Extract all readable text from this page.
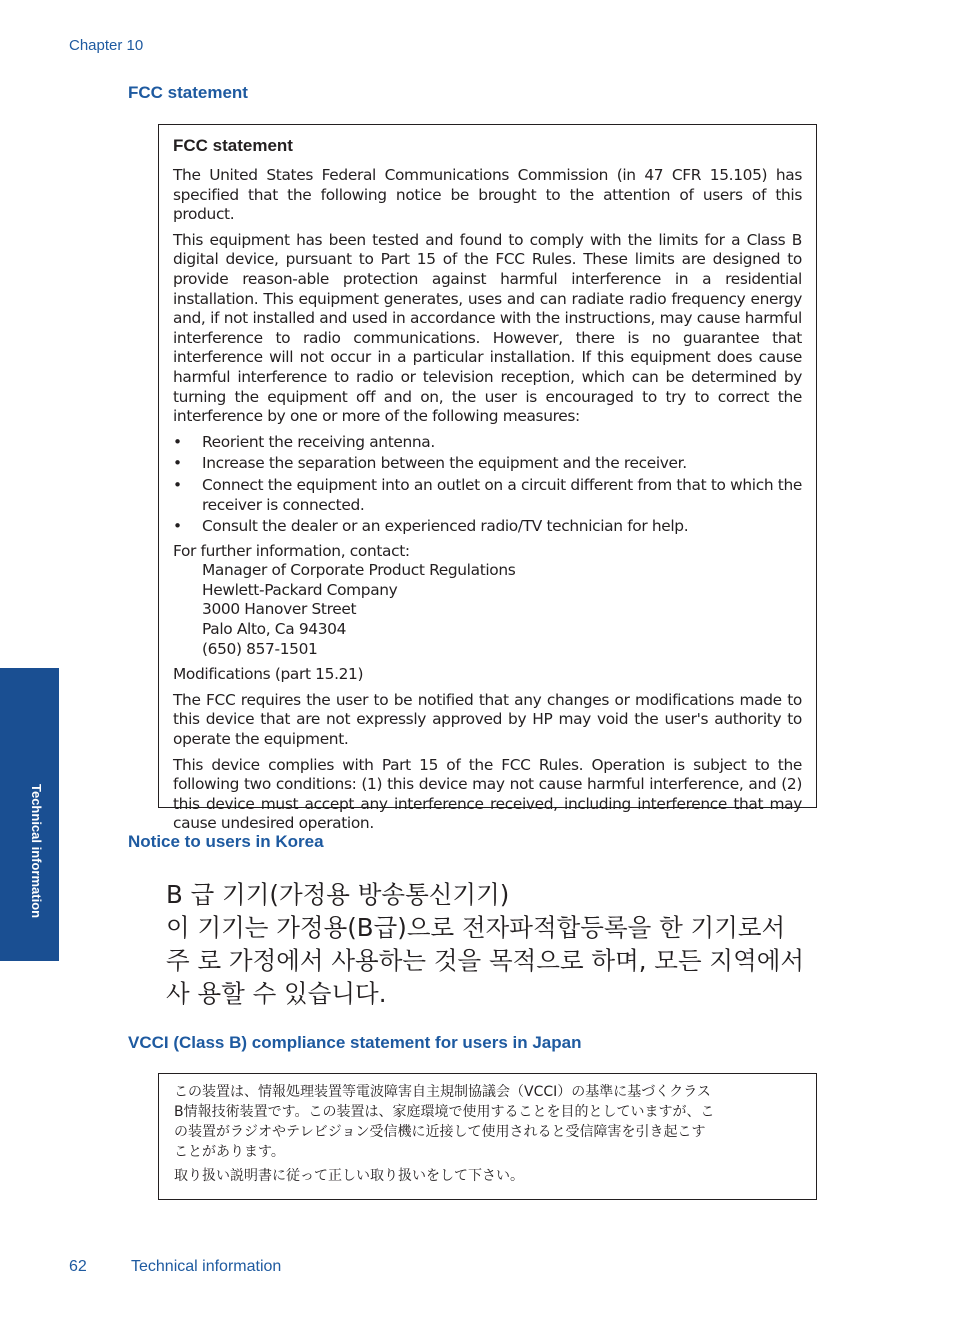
Chapter 10
FCC statement
FCC statement

The United States Federal Communications Commission (in 47 CFR 15.105) has specified that the following notice be brought to the attention of users of this product.

This equipment has been tested and found to comply with the limits for a Class B digital device, pursuant to Part 15 of the FCC Rules. These limits are designed to provide reason-able protection against harmful interference in a residential installation. This equipment generates, uses and can radiate radio frequency energy and, if not installed and used in accordance with the instructions, may cause harmful interference to radio communications. However, there is no guarantee that interference will not occur in a particular installation. If this equipment does cause harmful interference to radio or television reception, which can be determined by turning the equipment off and on, the user is encouraged to try to correct the interference by one or more of the following measures:

• Reorient the receiving antenna.
• Increase the separation between the equipment and the receiver.
• Connect the equipment into an outlet on a circuit different from that to which the receiver is connected.
• Consult the dealer or an experienced radio/TV technician for help.

For further information, contact:

Manager of Corporate Product Regulations
Hewlett-Packard Company
3000 Hanover Street
Palo Alto, Ca 94304
(650) 857-1501

Modifications (part 15.21)

The FCC requires the user to be notified that any changes or modifications made to this device that are not expressly approved by HP may void the user's authority to operate the equipment.

This device complies with Part 15 of the FCC Rules. Operation is subject to the following two conditions: (1) this device may not cause harmful interference, and (2) this device must accept any interference received, including interference that may cause undesired operation.

Notice to users in Korea
B 급 기기(가정용 방송통신기기)
이 기기는 가정용(B급)으로 전자파적합등록을 한 기기로서
주 로 가정에서 사용하는 것을 목적으로 하며, 모든 지역에서
사 용할 수 있습니다.
VCCI (Class B) compliance statement for users in Japan

この装置は、情報処理装置等電波障害自主規制協議会（VCCI）の基準に基づくクラス
B情報技術装置です。この装置は、家庭環境で使用することを目的としていますが、こ
の装置がラジオやテレビジョン受信機に近接して使用されると受信障害を引き起こす
ことがあります。

取り扱い説明書に従って正しい取り扱いをして下さい。

Technical information
62	Technical information
